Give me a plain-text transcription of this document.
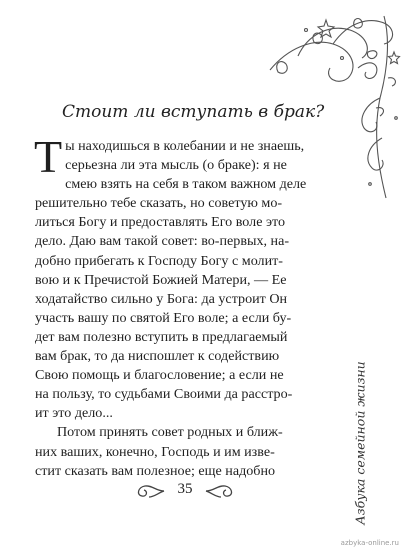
Стоит ли вступать в брак?
Т ы находишься в колебании и не знаешь,
серьезна ли эта мысль (о браке): я не
смею взять на себя в таком важном деле
решительно тебе сказать, но советую мо-
литься Богу и предоставлять Его воле это
дело. Даю вам такой совет: во-первых, на-
добно прибегать к Господу Богу с молит-
вою и к Пречистой Божией Матери, — Ее
ходатайство сильно у Бога: да устроит Он
участь вашу по святой Его воле; а если бу-
дет вам полезно вступить в предлагаемый
вам брак, то да ниспошлет к содействию
Свою помощь и благословение; а если не
на пользу, то судьбами Своими да расстро-
ит это дело...
Потом принять совет родных и ближ-
них ваших, конечно, Господь и им изве-
стит сказать вам полезное; еще надобно	Азбука семейной жизни
35
azbyka-online.ru
